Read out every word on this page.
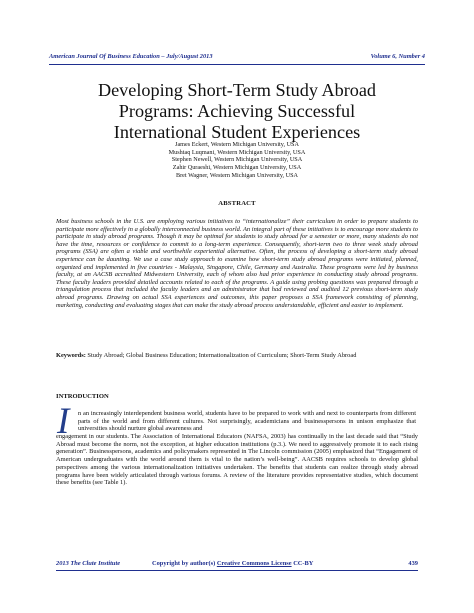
American Journal Of Business Education – July/August 2013	Volume 6, Number 4
Developing Short-Term Study Abroad
Programs: Achieving Successful
International Student Experiences
James Eckert, Western Michigan University, USA
Mushtaq Luqmani, Western Michigan University, USA
Stephen Newell, Western Michigan University, USA
Zahir Quraeshi, Western Michigan University, USA
Bret Wagner, Western Michigan University, USA
ABSTRACT
Most business schools in the U.S. are employing various initiatives to “internationalize” their curriculum in order to prepare students to participate more effectively in a globally interconnected business world. An integral part of these initiatives is to encourage more students to participate in study abroad programs. Though it may be optimal for students to study abroad for a semester or more, many students do not have the time, resources or confidence to commit to a long-term experience. Consequently, short-term two to three week study abroad programs (SSA) are often a viable and worthwhile experiential alternative. Often, the process of developing a short-term study abroad experience can be daunting. We use a case study approach to examine how short-term study abroad programs were initiated, planned, organized and implemented in five countries - Malaysia, Singapore, Chile, Germany and Australia. These programs were led by business faculty, at an AACSB accredited Midwestern University, each of whom also had prior experience in conducting study abroad programs. These faculty leaders provided detailed accounts related to each of the programs. A guide using probing questions was prepared through a triangulation process that included the faculty leaders and an administrator that had reviewed and audited 12 previous short-term study abroad programs. Drawing on actual SSA experiences and outcomes, this paper proposes a SSA framework consisting of planning, marketing, conducting and evaluating stages that can make the study abroad process understandable, efficient and easier to implement.
Keywords: Study Abroad; Global Business Education; Internationalization of Curriculum; Short-Term Study Abroad
INTRODUCTION
I n an increasingly interdependent business world, students have to be prepared to work with and next to counterparts from different parts of the world and from different cultures. Not surprisingly, academicians and businesspersons in unison emphasize that universities should nurture global awareness and
engagement in our students. The Association of International Educators (NAFSA, 2003) has continually in the last decade said that “Study Abroad must become the norm, not the exception, at higher education institutions (p.3.). We need to aggressively promote it to each rising generation”. Businesspersons, academics and policymakers represented in The Lincoln commission (2005) emphasized that “Engagement of American undergraduates with the world around them is vital to the nation’s well-being”. AACSB requires schools to develop global perspectives among the various internationalization initiatives undertaken. The benefits that students can realize through study abroad programs have been widely articulated through various forums. A review of the literature provides representative studies, which document these benefits (see Table 1).
2013 The Clute Institute	Copyright by author(s) Creative Commons License CC-BY	439
